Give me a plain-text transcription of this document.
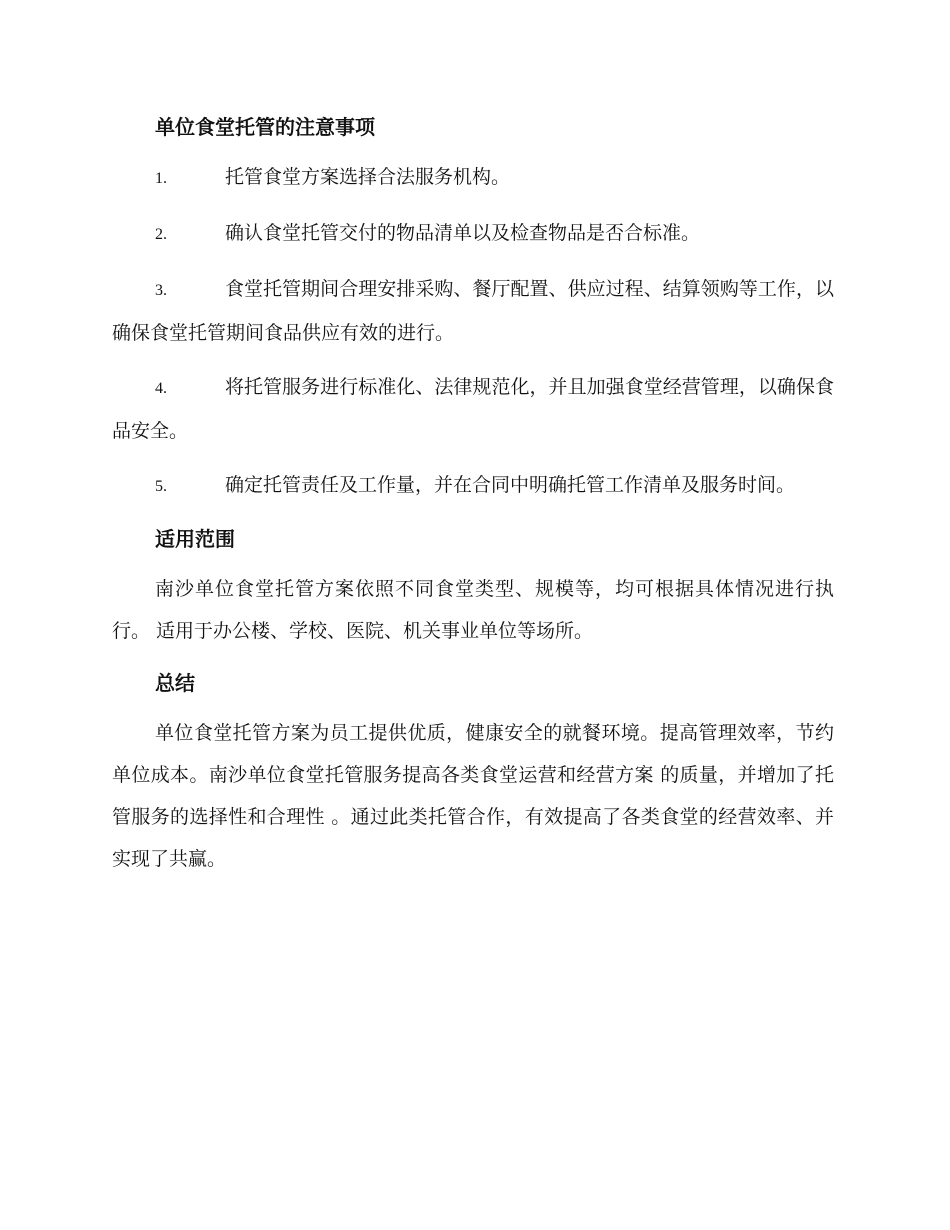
单位食堂托管的注意事项

1.	托管食堂方案选择合法服务机构。

2.	确认食堂托管交付的物品清单以及检查物品是否合标准。

3.	食堂托管期间合理安排采购、餐厅配置、供应过程、结算领购等工作，以确保食堂托管期间食品供应有效的进行。

4.	将托管服务进行标准化、法律规范化，并且加强食堂经营管理，以确保食品安全。

5.	确定托管责任及工作量，并在合同中明确托管工作清单及服务时间。

适用范围

南沙单位食堂托管方案依照不同食堂类型、规模等，均可根据具体情况进行执行。 适用于办公楼、学校、医院、机关事业单位等场所。

总结

单位食堂托管方案为员工提供优质，健康安全的就餐环境。提高管理效率，节约单位成本。南沙单位食堂托管服务提高各类食堂运营和经营方案 的质量，并增加了托管服务的选择性和合理性 。通过此类托管合作，有效提高了各类食堂的经营效率、并实现了共赢。
